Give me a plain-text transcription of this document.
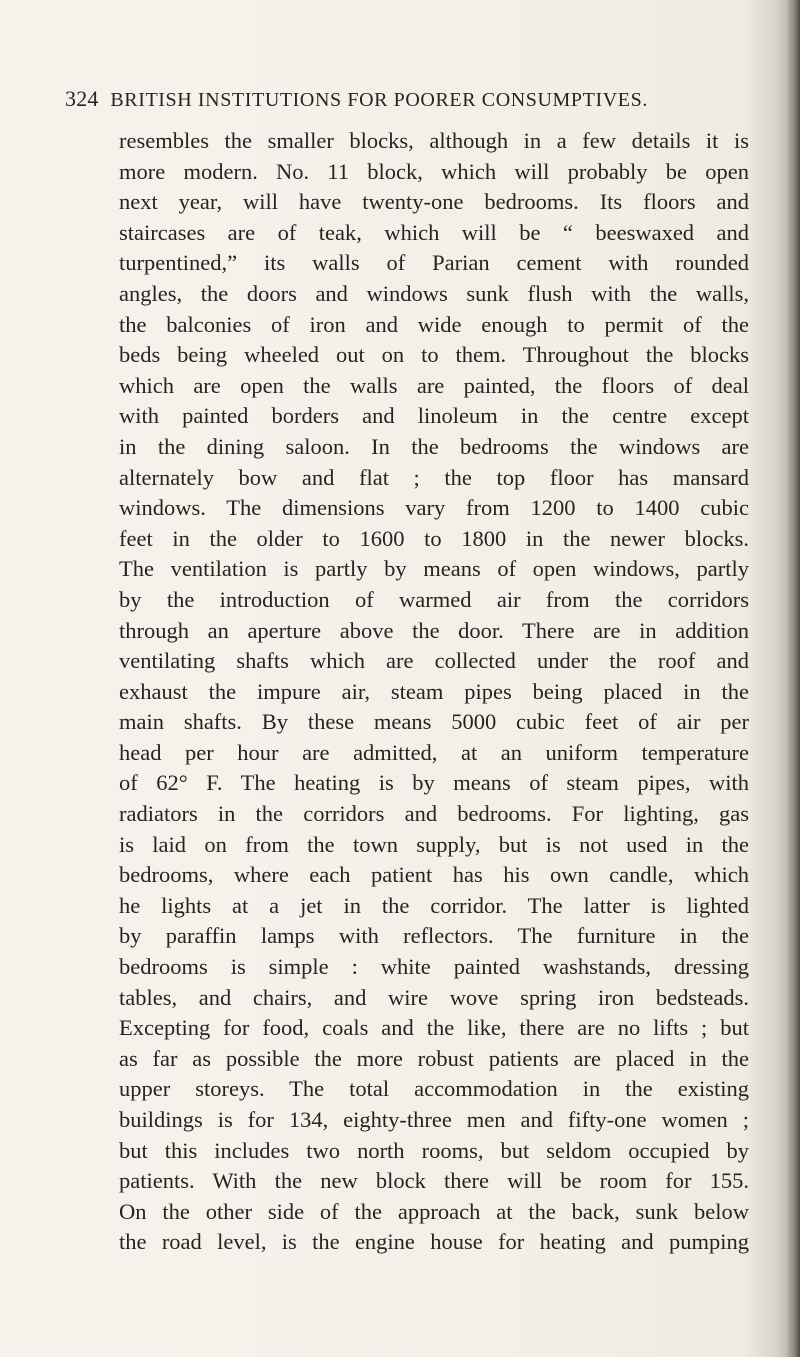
324 BRITISH INSTITUTIONS FOR POORER CONSUMPTIVES.
resembles the smaller blocks, although in a few details it is
more modern. No. 11 block, which will probably be open
next year, will have twenty-one bedrooms. Its floors and
staircases are of teak, which will be “ beeswaxed and
turpentined,” its walls of Parian cement with rounded
angles, the doors and windows sunk flush with the walls,
the balconies of iron and wide enough to permit of the
beds being wheeled out on to them. Throughout the blocks
which are open the walls are painted, the floors of deal
with painted borders and linoleum in the centre except
in the dining saloon. In the bedrooms the windows are
alternately bow and flat ; the top floor has mansard
windows. The dimensions vary from 1200 to 1400 cubic
feet in the older to 1600 to 1800 in the newer blocks.
The ventilation is partly by means of open windows, partly
by the introduction of warmed air from the corridors
through an aperture above the door. There are in addition
ventilating shafts which are collected under the roof and
exhaust the impure air, steam pipes being placed in the
main shafts. By these means 5000 cubic feet of air per
head per hour are admitted, at an uniform temperature
of 62° F. The heating is by means of steam pipes, with
radiators in the corridors and bedrooms. For lighting, gas
is laid on from the town supply, but is not used in the
bedrooms, where each patient has his own candle, which
he lights at a jet in the corridor. The latter is lighted
by paraffin lamps with reflectors. The furniture in the
bedrooms is simple : white painted washstands, dressing
tables, and chairs, and wire wove spring iron bedsteads.
Excepting for food, coals and the like, there are no lifts ; but
as far as possible the more robust patients are placed in the
upper storeys. The total accommodation in the existing
buildings is for 134, eighty-three men and fifty-one women ;
but this includes two north rooms, but seldom occupied by
patients. With the new block there will be room for 155.
On the other side of the approach at the back, sunk below
the road level, is the engine house for heating and pumping
